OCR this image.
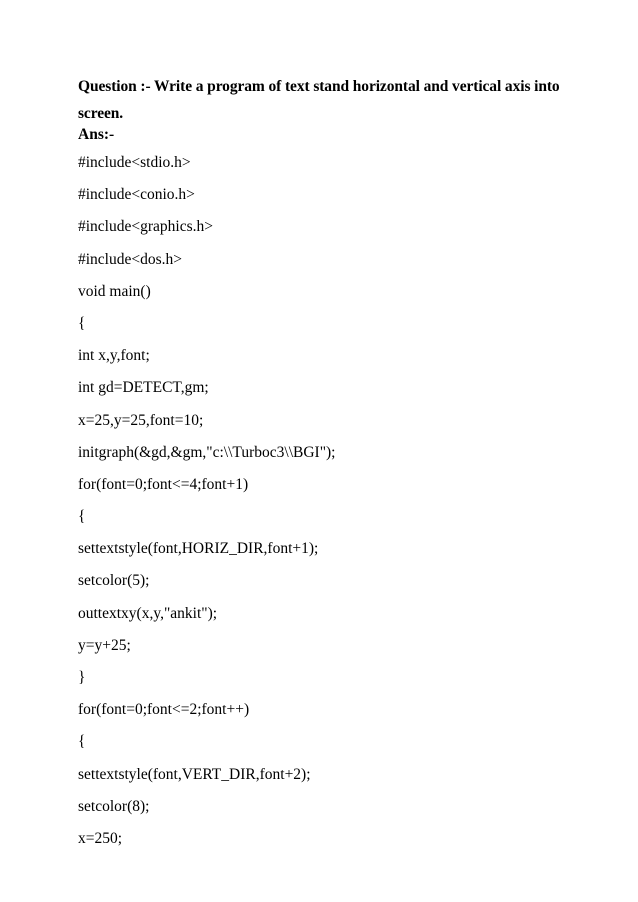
Question :- Write a program of text stand horizontal and vertical axis into screen.
Ans:-
#include<stdio.h>
#include<conio.h>
#include<graphics.h>
#include<dos.h>
void main()
{
int x,y,font;
int gd=DETECT,gm;
x=25,y=25,font=10;
initgraph(&gd,&gm,"c:\\Turboc3\\BGI");
for(font=0;font<=4;font+1)
{
settextstyle(font,HORIZ_DIR,font+1);
setcolor(5);
outtextxy(x,y,"ankit");
y=y+25;
}
for(font=0;font<=2;font++)
{
settextstyle(font,VERT_DIR,font+2);
setcolor(8);
x=250;
